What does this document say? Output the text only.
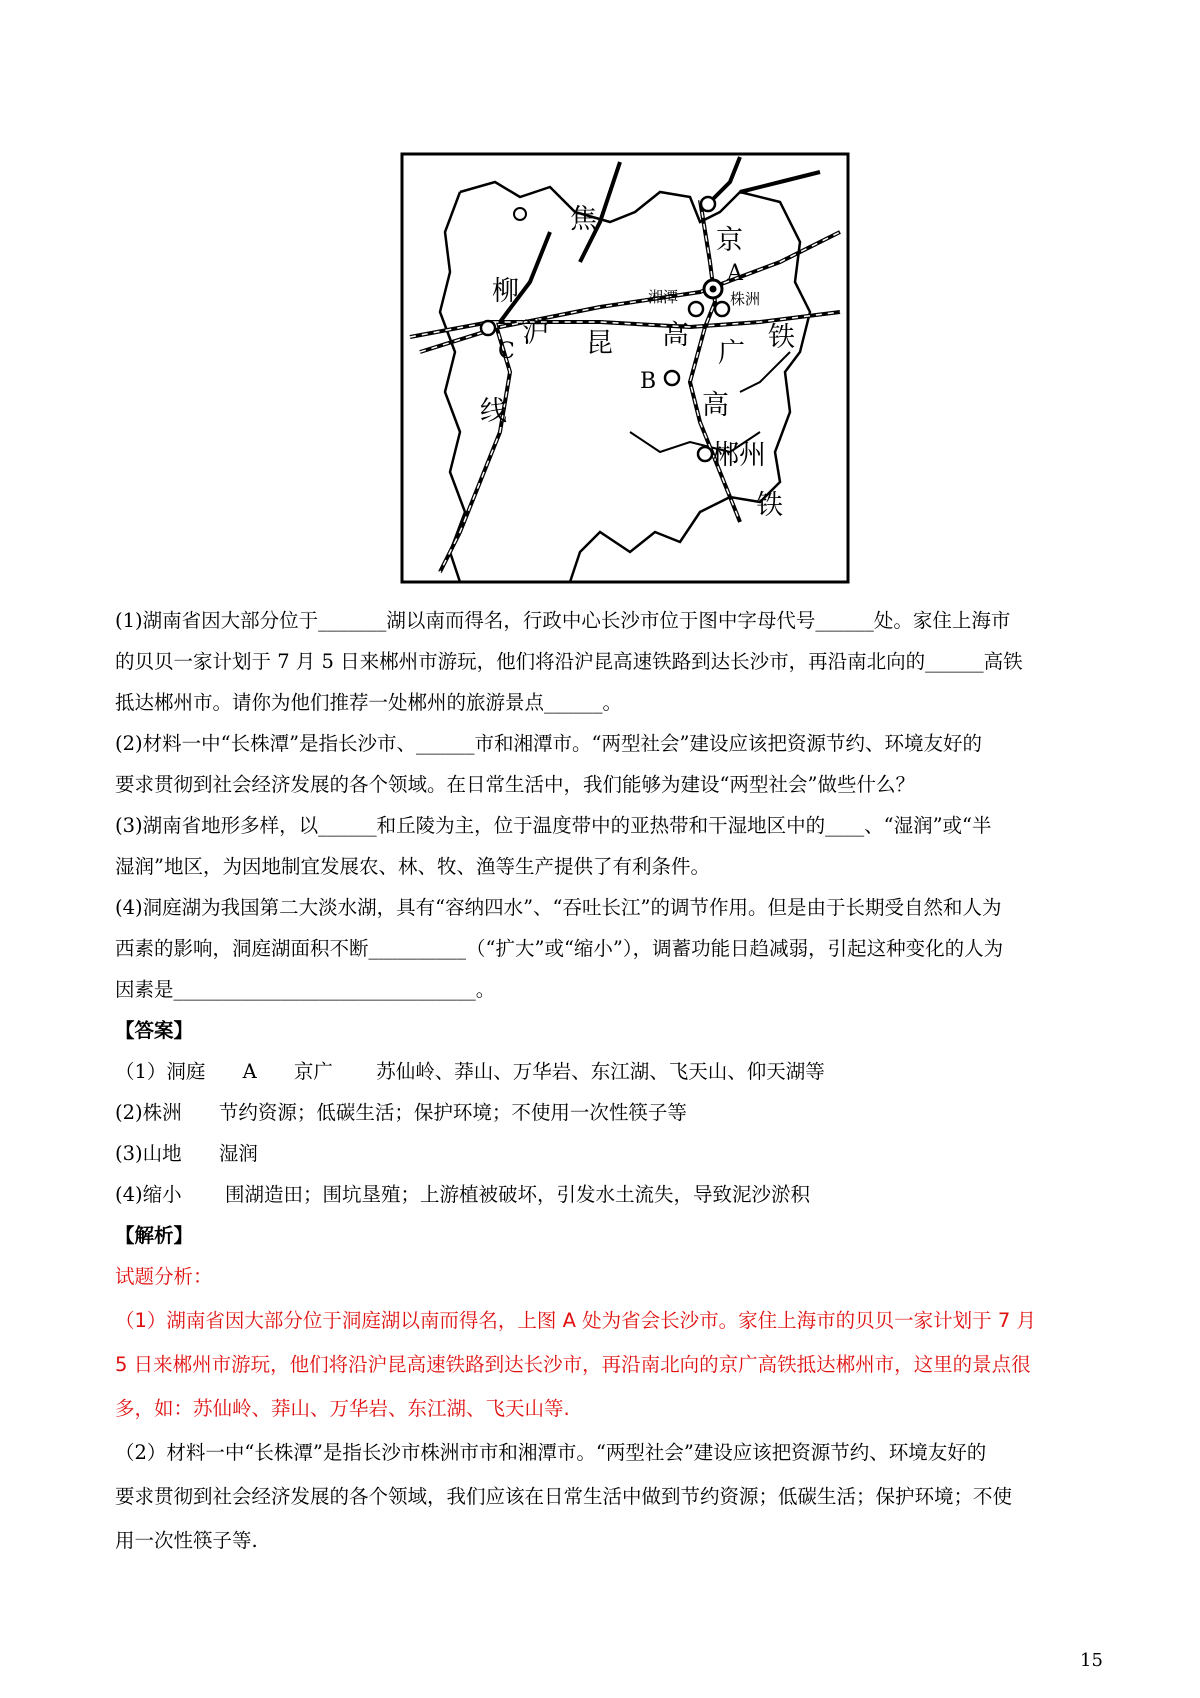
焦
京
柳
沪 昆 高
广
铁
线	高
郴州
铁
湘潭	株洲
A
B
C
(1)湖南省因大部分位于_______湖以南而得名，行政中心长沙市位于图中字母代号______处。家住上海市
的贝贝一家计划于 7 月 5 日来郴州市游玩，他们将沿沪昆高速铁路到达长沙市，再沿南北向的______高铁
抵达郴州市。请你为他们推荐一处郴州的旅游景点______。
(2)材料一中“长株潭”是指长沙市、______市和湘潭市。“两型社会”建设应该把资源节约、环境友好的
要求贯彻到社会经济发展的各个领域。在日常生活中，我们能够为建设“两型社会”做些什么？
(3)湖南省地形多样，以______和丘陵为主，位于温度带中的亚热带和干湿地区中的____、“湿润”或“半
湿润”地区，为因地制宜发展农、林、牧、渔等生产提供了有利条件。
(4)洞庭湖为我国第二大淡水湖，具有“容纳四水”、“吞吐长江”的调节作用。但是由于长期受自然和人为
西素的影响，洞庭湖面积不断__________（“扩大”或“缩小”），调蓄功能日趋减弱，引起这种变化的人为
因素是_______________________________。
【答案】
（1）洞庭      A      京广       苏仙岭、莽山、万华岩、东江湖、飞天山、仰天湖等
(2)株洲      节约资源；低碳生活；保护环境；不使用一次性筷子等
(3)山地      湿润
(4)缩小       围湖造田；围坑垦殖；上游植被破坏，引发水土流失，导致泥沙淤积
【解析】
试题分析：
（1）湖南省因大部分位于洞庭湖以南而得名，上图 A 处为省会长沙市。家住上海市的贝贝一家计划于 7 月
5 日来郴州市游玩，他们将沿沪昆高速铁路到达长沙市，再沿南北向的京广高铁抵达郴州市，这里的景点很
多，如：苏仙岭、莽山、万华岩、东江湖、飞天山等.
（2）材料一中“长株潭”是指长沙市株洲市市和湘潭市。“两型社会”建设应该把资源节约、环境友好的
要求贯彻到社会经济发展的各个领域，我们应该在日常生活中做到节约资源；低碳生活；保护环境；不使
用一次性筷子等.
15
